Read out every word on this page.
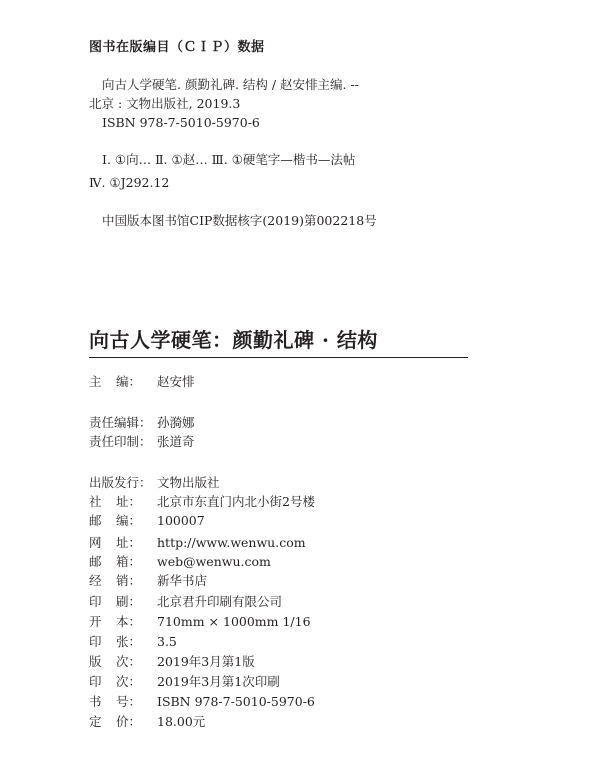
图书在版编目（ＣＩＰ）数据
向古人学硬笔. 颜勤礼碑. 结构 / 赵安悱主编. --
北京 : 文物出版社, 2019.3
ISBN 978-7-5010-5970-6
Ⅰ. ①向… Ⅱ. ①赵… Ⅲ. ①硬笔字—楷书—法帖
Ⅳ. ①J292.12
中国版本图书馆CIP数据核字(2019)第002218号
向古人学硬笔：颜勤礼碑 · 结构
主 编： 赵安悱
责任编辑： 孙漪娜
责任印制： 张道奇
出版发行： 文物出版社
社 址： 北京市东直门内北小街2号楼
邮 编： 100007
网 址： http://www.wenwu.com
邮 箱： web@wenwu.com
经 销： 新华书店
印 刷： 北京君升印刷有限公司
开 本： 710mm × 1000mm 1/16
印 张： 3.5
版 次： 2019年3月第1版
印 次： 2019年3月第1次印刷
书 号： ISBN 978-7-5010-5970-6
定 价： 18.00元
